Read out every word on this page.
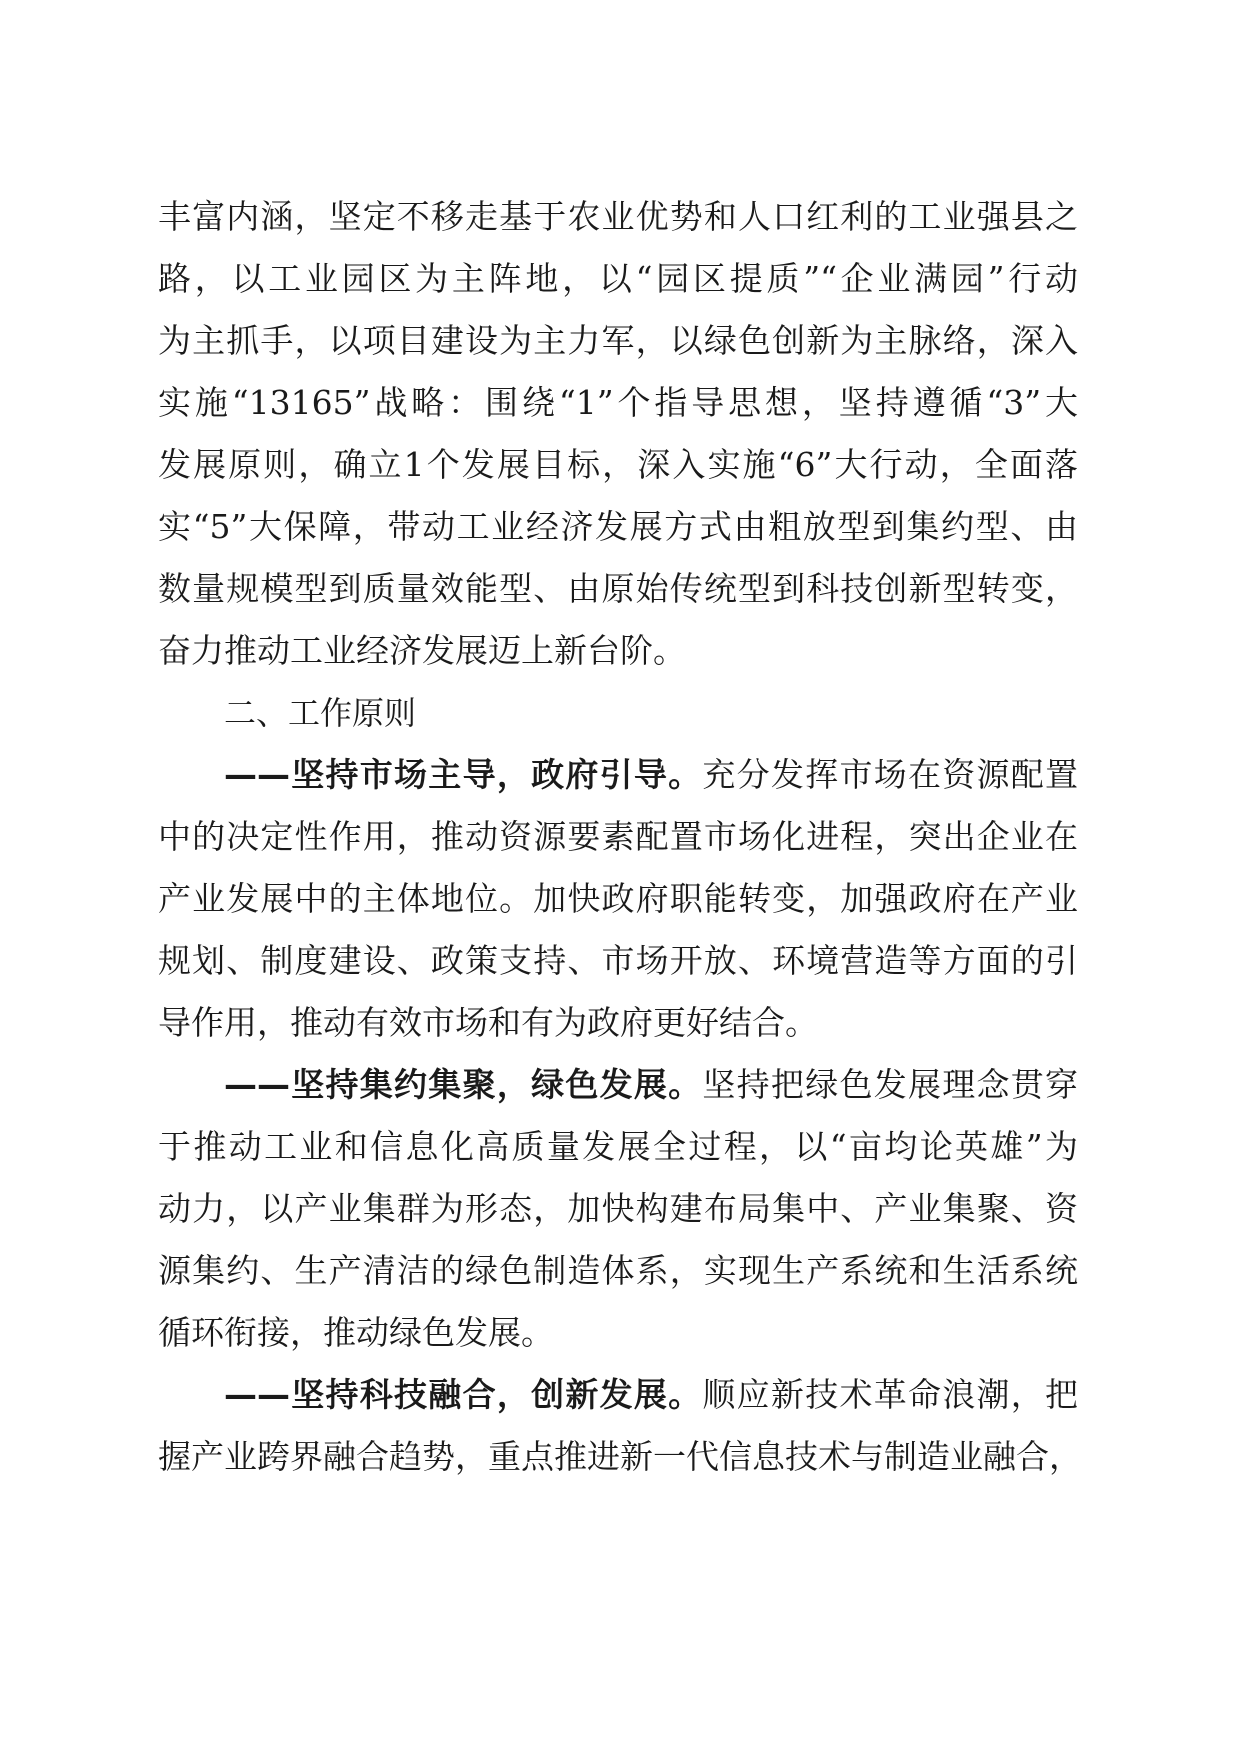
丰富内涵，坚定不移走基于农业优势和人口红利的工业强县之
路，以工业园区为主阵地，以“园区提质”“企业满园”行动
为主抓手，以项目建设为主力军，以绿色创新为主脉络，深入
实施“13165”战略：围绕“1”个指导思想，坚持遵循“3”大
发展原则，确立1个发展目标，深入实施“6”大行动，全面落
实“5”大保障，带动工业经济发展方式由粗放型到集约型、由
数量规模型到质量效能型、由原始传统型到科技创新型转变，
奋力推动工业经济发展迈上新台阶。
二、工作原则
——坚持市场主导，政府引导。充分发挥市场在资源配置
中的决定性作用，推动资源要素配置市场化进程，突出企业在
产业发展中的主体地位。加快政府职能转变，加强政府在产业
规划、制度建设、政策支持、市场开放、环境营造等方面的引
导作用，推动有效市场和有为政府更好结合。
——坚持集约集聚，绿色发展。坚持把绿色发展理念贯穿
于推动工业和信息化高质量发展全过程，以“亩均论英雄”为
动力，以产业集群为形态，加快构建布局集中、产业集聚、资
源集约、生产清洁的绿色制造体系，实现生产系统和生活系统
循环衔接，推动绿色发展。
——坚持科技融合，创新发展。顺应新技术革命浪潮，把
握产业跨界融合趋势，重点推进新一代信息技术与制造业融合，
